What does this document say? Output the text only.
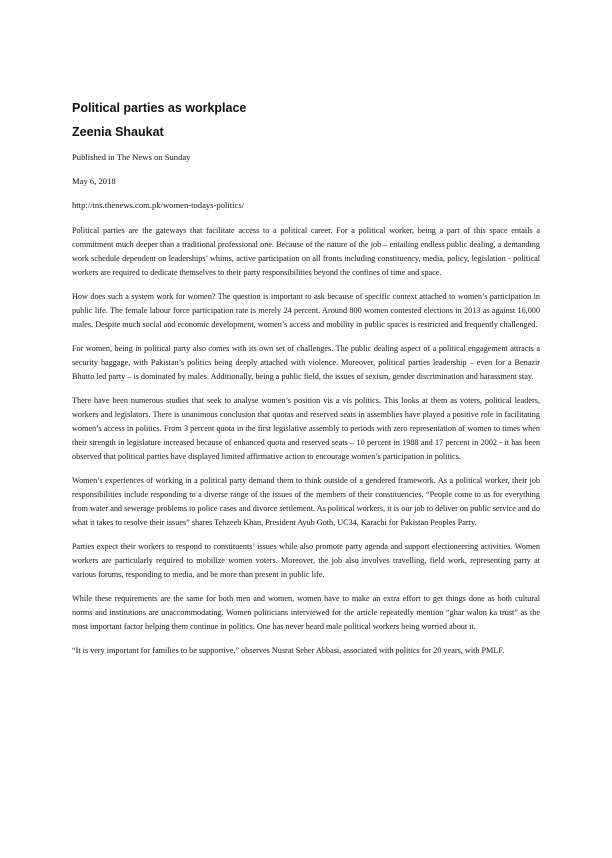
Political parties as workplace
Zeenia Shaukat

Published in The News on Sunday

May 6, 2018

http://tns.thenews.com.pk/women-todays-politics/

Political parties are the gateways that facilitate access to a political career. For a political worker, being a part of this space entails a commitment much deeper than a traditional professional one. Because of the nature of the job – entailing endless public dealing, a demanding work schedule dependent on leaderships’ whims, active participation on all fronts including constituency, media, policy, legislation - political workers are required to dedicate themselves to their party responsibilities beyond the confines of time and space.

How does such a system work for women? The question is important to ask because of specific context attached to women’s participation in public life. The female labour force participation rate is merely 24 percent. Around 800 women contested elections in 2013 as against 16,000 males. Despite much social and economic development, women’s access and mobility in public spaces is restricted and frequently challenged.

For women, being in political party also comes with its own set of challenges. The public dealing aspect of a political engagement attracts a security baggage, with Pakistan’s politics being deeply attached with violence. Moreover, political parties leadership – even for a Benazir Bhutto led party – is dominated by males. Additionally, being a public field, the issues of sexism, gender discrimination and harassment stay.

There have been numerous studies that seek to analyse women’s position vis a vis politics. This looks at them as voters, political leaders, workers and legislators. There is unanimous conclusion that quotas and reserved seats in assemblies have played a positive role in facilitating women’s access in politics. From 3 percent quota in the first legislative assembly to periods with zero representation of women to times when their strength in legislature increased because of enhanced quota and reserved seats – 10 percent in 1988 and 17 percent in 2002 - it has been observed that political parties have displayed limited affirmative action to encourage women’s participation in politics.

Women’s experiences of working in a political party demand them to think outside of a gendered framework. As a political worker, their job responsibilities include responding to a diverse range of the issues of the members of their constituencies. “People come to us for everything from water and sewerage problems to police cases and divorce settlement. As political workers, it is our job to deliver on public service and do what it takes to resolve their issues” shares Tehzeeb Khan, President Ayub Goth, UC34, Karachi for Pakistan Peoples Party.

Parties expect their workers to respond to constituents’ issues while also promote party agenda and support electioneering activities. Women workers are particularly required to mobilize women voters. Moreover, the job also involves travelling, field work, representing party at various forums, responding to media, and be more than present in public life.

While these requirements are the same for both men and women, women have to make an extra effort to get things done as both cultural norms and institutions are unaccommodating. Women politicians interviewed for the article repeatedly mention “ghar walon ka trust” as the most important factor helping them continue in politics. One has never heard male political workers being worried about it.

“It is very important for families to be supportive,” observes Nusrat Seher Abbasi, associated with politics for 20 years, with PMLF.
